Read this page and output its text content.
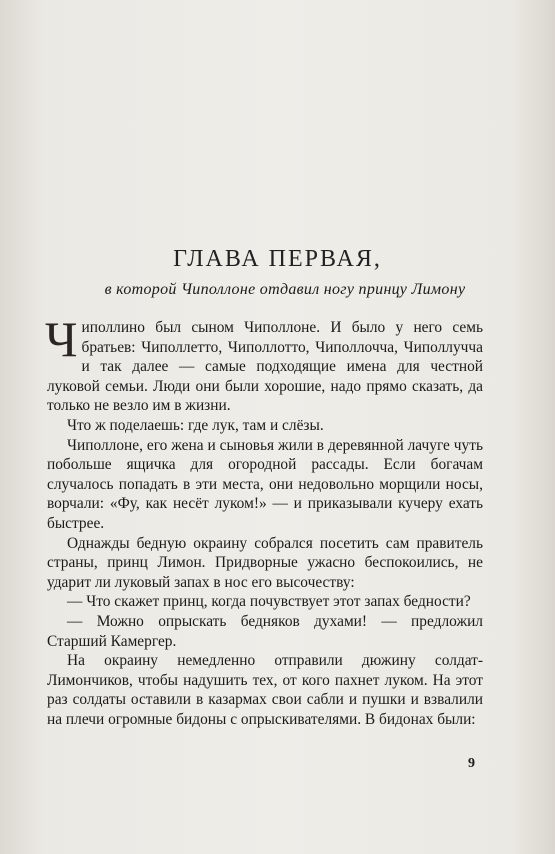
ГЛАВА ПЕРВАЯ,
в которой Чиполлоне отдавил ногу принцу Лимону

Чиполлино был сыном Чиполлоне. И было у него семь братьев: Чиполлетто, Чиполлотто, Чиполлочча, Чиполлучча и так далее — самые подходящие имена для честной луковой семьи. Люди они были хорошие, надо прямо сказать, да только не везло им в жизни.

Что ж поделаешь: где лук, там и слёзы.

Чиполлоне, его жена и сыновья жили в деревянной лачуге чуть побольше ящичка для огородной рассады. Если богачам случалось попадать в эти места, они недовольно морщили носы, ворчали: «Фу, как несёт луком!» — и приказывали кучеру ехать быстрее.

Однажды бедную окраину собрался посетить сам правитель страны, принц Лимон. Придворные ужасно беспокоились, не ударит ли луковый запах в нос его высочеству:

— Что скажет принц, когда почувствует этот запах бедности?

— Можно опрыскать бедняков духами! — предложил Старший Камергер.

На окраину немедленно отправили дюжину солдат-Лимончиков, чтобы надушить тех, от кого пахнет луком. На этот раз солдаты оставили в казармах свои сабли и пушки и взвалили на плечи огромные бидоны с опрыскивателями. В бидонах были:

9
